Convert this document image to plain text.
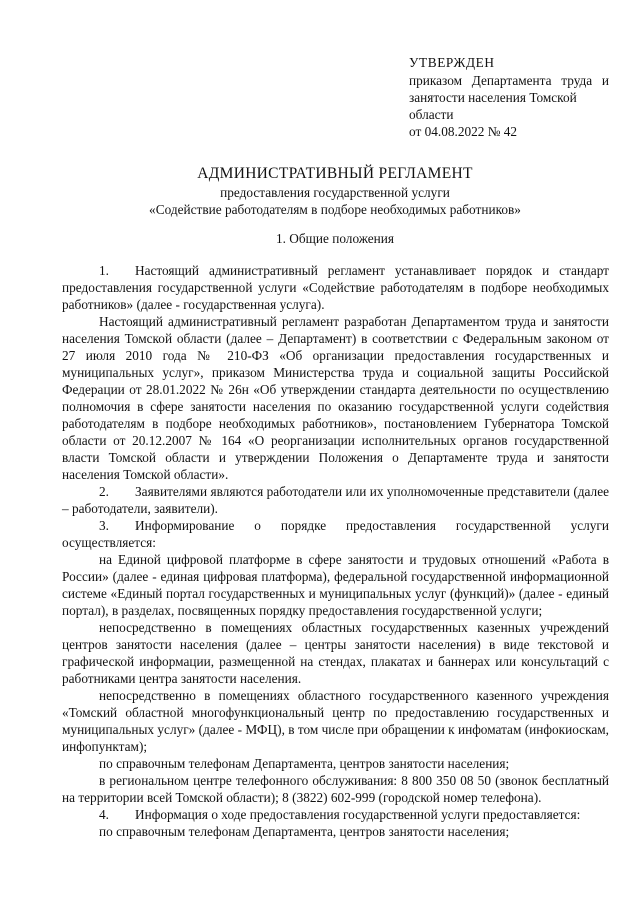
УТВЕРЖДЕН
приказом Департамента труда и занятости населения Томской
области
от 04.08.2022 № 42
АДМИНИСТРАТИВНЫЙ РЕГЛАМЕНТ
предоставления государственной услуги
«Содействие работодателям в подборе необходимых работников»
1. Общие положения

1. Настоящий административный регламент устанавливает порядок и стандарт предоставления государственной услуги «Содействие работодателям в подборе необходимых работников» (далее - государственная услуга).

Настоящий административный регламент разработан Департаментом труда и занятости населения Томской области (далее – Департамент) в соответствии с Федеральным законом от 27 июля 2010 года № 210-ФЗ «Об организации предоставления государственных и муниципальных услуг», приказом Министерства труда и социальной защиты Российской Федерации от 28.01.2022 № 26н «Об утверждении стандарта деятельности по осуществлению полномочия в сфере занятости населения по оказанию государственной услуги содействия работодателям в подборе необходимых работников», постановлением Губернатора Томской области от 20.12.2007 № 164 «О реорганизации исполнительных органов государственной власти Томской области и утверждении Положения о Департаменте труда и занятости населения Томской области».

2. Заявителями являются работодатели или их уполномоченные представители (далее – работодатели, заявители).

3. Информирование о порядке предоставления государственной услуги осуществляется:

на Единой цифровой платформе в сфере занятости и трудовых отношений «Работа в России» (далее - единая цифровая платформа), федеральной государственной информационной системе «Единый портал государственных и муниципальных услуг (функций)» (далее - единый портал), в разделах, посвященных порядку предоставления государственной услуги;

непосредственно в помещениях областных государственных казенных учреждений центров занятости населения (далее – центры занятости населения) в виде текстовой и графической информации, размещенной на стендах, плакатах и баннерах или консультаций с работниками центра занятости населения.

непосредственно в помещениях областного государственного казенного учреждения «Томский областной многофункциональный центр по предоставлению государственных и муниципальных услуг» (далее - МФЦ), в том числе при обращении к инфоматам (инфокиоскам, инфопунктам);

по справочным телефонам Департамента, центров занятости населения;

в региональном центре телефонного обслуживания: 8 800 350 08 50 (звонок бесплатный на территории всей Томской области); 8 (3822) 602-999 (городской номер телефона).

4. Информация о ходе предоставления государственной услуги предоставляется:

по справочным телефонам Департамента, центров занятости населения;
